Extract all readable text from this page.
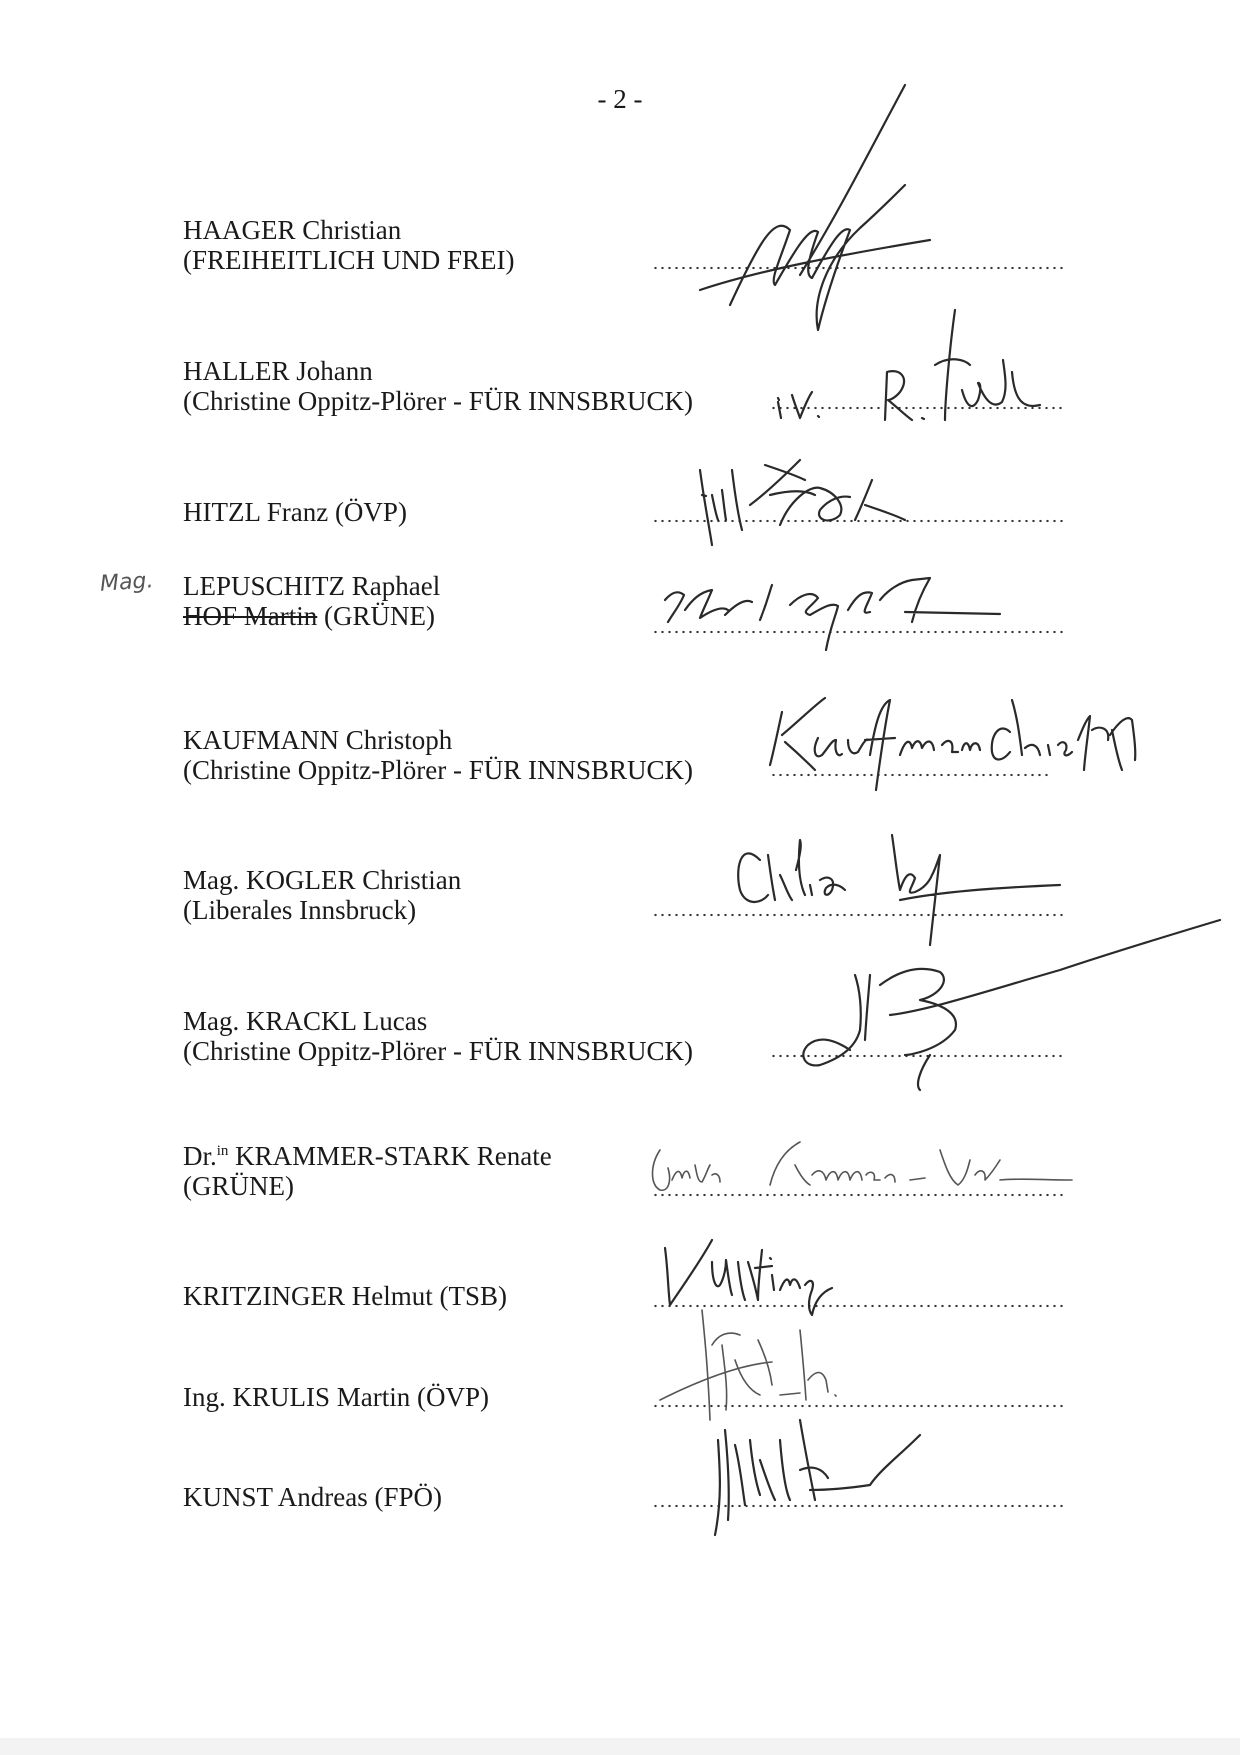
- 2 -
HAAGER Christian
(FREIHEITLICH UND FREI)
HALLER Johann
(Christine Oppitz-Plörer - FÜR INNSBRUCK)
HITZL Franz (ÖVP)
Mag. LEPUSCHITZ Raphael
HOF Martin (GRÜNE)
KAUFMANN Christoph
(Christine Oppitz-Plörer - FÜR INNSBRUCK)
Mag. KOGLER Christian
(Liberales Innsbruck)
Mag. KRACKL Lucas
(Christine Oppitz-Plörer - FÜR INNSBRUCK)
Dr.$^{in}$ KRAMMER-STARK Renate
(GRÜNE)
KRITZINGER Helmut (TSB)
Ing. KRULIS Martin (ÖVP)
KUNST Andreas (FPÖ)
